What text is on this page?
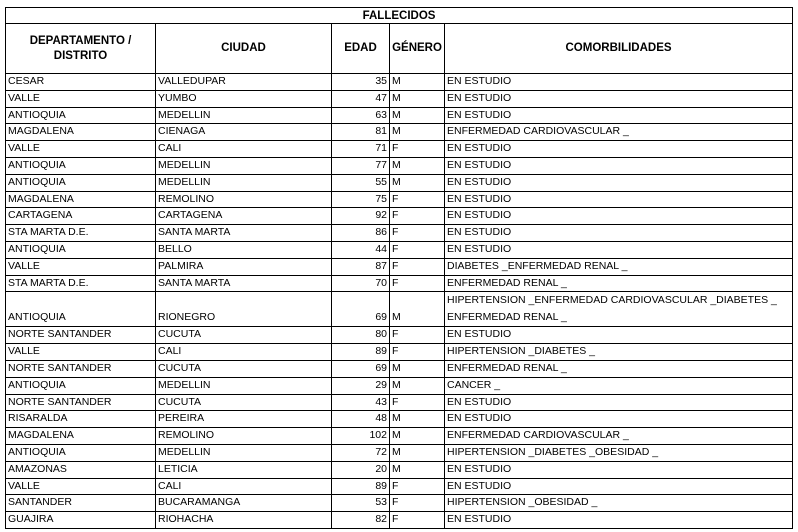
FALLECIDOS				
DEPARTAMENTO / DISTRITO	CIUDAD	EDAD	GÉNERO	COMORBILIDADES
CESAR	VALLEDUPAR	35	M	EN ESTUDIO
VALLE	YUMBO	47	M	EN ESTUDIO
ANTIOQUIA	MEDELLIN	63	M	EN ESTUDIO
MAGDALENA	CIENAGA	81	M	ENFERMEDAD CARDIOVASCULAR _
VALLE	CALI	71	F	EN ESTUDIO
ANTIOQUIA	MEDELLIN	77	M	EN ESTUDIO
ANTIOQUIA	MEDELLIN	55	M	EN ESTUDIO
MAGDALENA	REMOLINO	75	F	EN ESTUDIO
CARTAGENA	CARTAGENA	92	F	EN ESTUDIO
STA MARTA D.E.	SANTA MARTA	86	F	EN ESTUDIO
ANTIOQUIA	BELLO	44	F	EN ESTUDIO
VALLE	PALMIRA	87	F	DIABETES _ENFERMEDAD RENAL _
STA MARTA D.E.	SANTA MARTA	70	F	ENFERMEDAD RENAL _
ANTIOQUIA	RIONEGRO	69	M	HIPERTENSION _ENFERMEDAD CARDIOVASCULAR _DIABETES _ ENFERMEDAD RENAL _
NORTE SANTANDER	CUCUTA	80	F	EN ESTUDIO
VALLE	CALI	89	F	HIPERTENSION _DIABETES _
NORTE SANTANDER	CUCUTA	69	M	ENFERMEDAD RENAL _
ANTIOQUIA	MEDELLIN	29	M	CANCER _
NORTE SANTANDER	CUCUTA	43	F	EN ESTUDIO
RISARALDA	PEREIRA	48	M	EN ESTUDIO
MAGDALENA	REMOLINO	102	M	ENFERMEDAD CARDIOVASCULAR _
ANTIOQUIA	MEDELLIN	72	M	HIPERTENSION _DIABETES _OBESIDAD _
AMAZONAS	LETICIA	20	M	EN ESTUDIO
VALLE	CALI	89	F	EN ESTUDIO
SANTANDER	BUCARAMANGA	53	F	HIPERTENSION _OBESIDAD _
GUAJIRA	RIOHACHA	82	F	EN ESTUDIO
